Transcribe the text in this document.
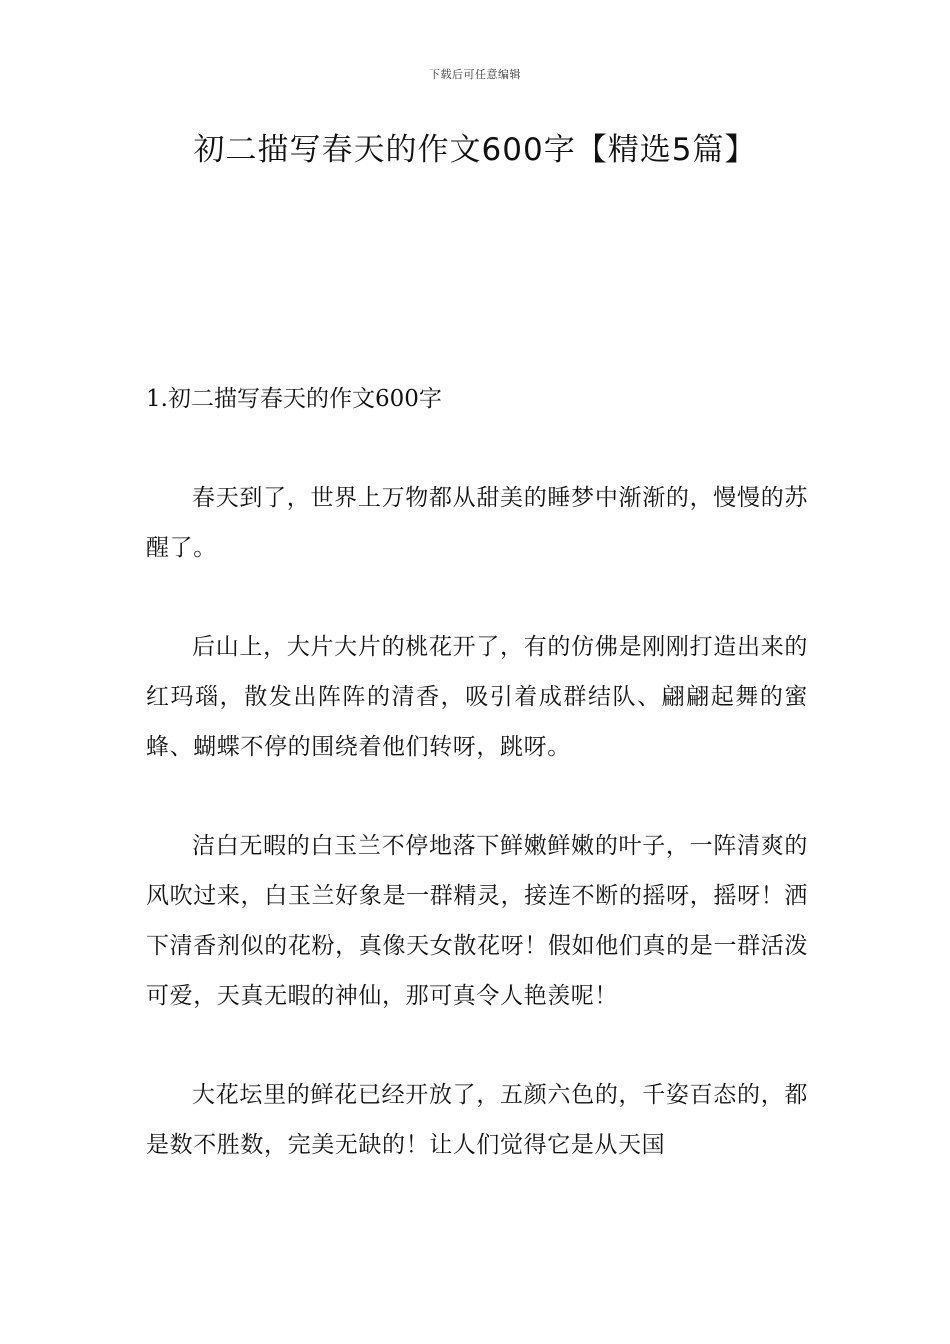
下载后可任意编辑
初二描写春天的作文600字【精选5篇】
1.初二描写春天的作文600字

春天到了，世界上万物都从甜美的睡梦中渐渐的，慢慢的苏醒了。

后山上，大片大片的桃花开了，有的仿佛是刚刚打造出来的红玛瑙，散发出阵阵的清香，吸引着成群结队、翩翩起舞的蜜蜂、蝴蝶不停的围绕着他们转呀，跳呀。

洁白无暇的白玉兰不停地落下鲜嫩鲜嫩的叶子，一阵清爽的风吹过来，白玉兰好象是一群精灵，接连不断的摇呀，摇呀！洒下清香剂似的花粉，真像天女散花呀！假如他们真的是一群活泼可爱，天真无暇的神仙，那可真令人艳羡呢！

大花坛里的鲜花已经开放了，五颜六色的，千姿百态的，都是数不胜数，完美无缺的！让人们觉得它是从天国
